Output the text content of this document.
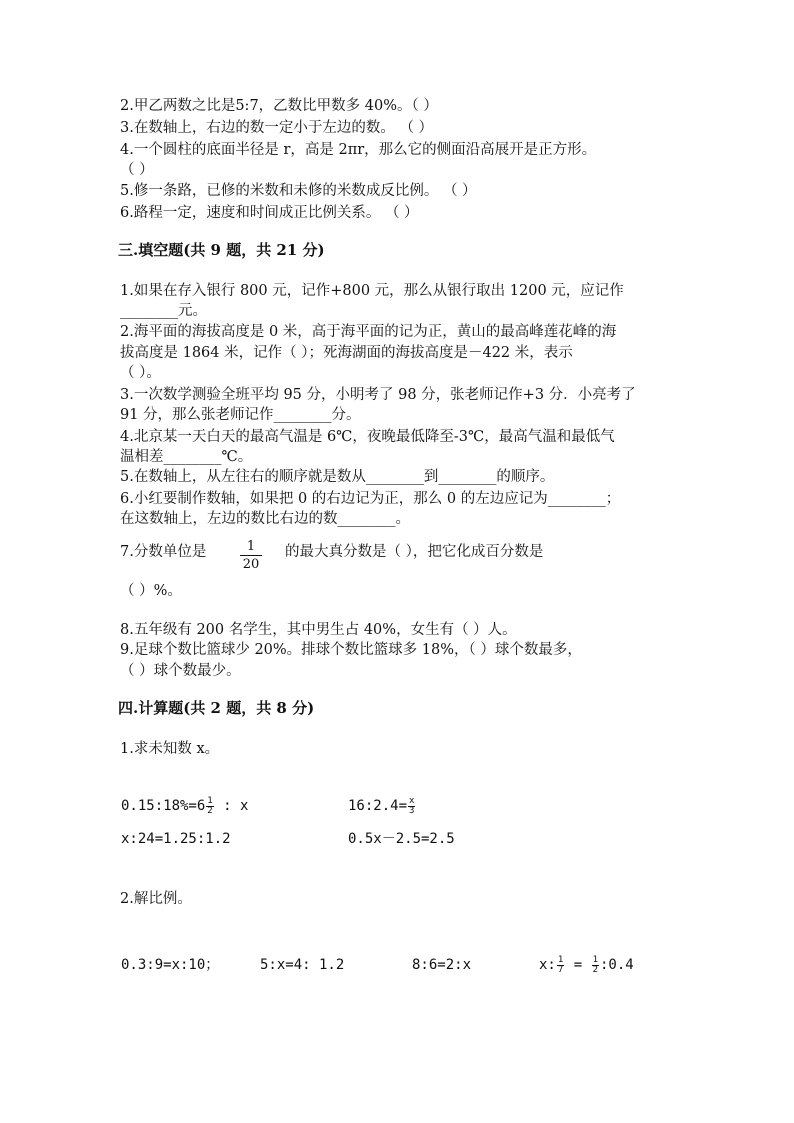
2.甲乙两数之比是5:7，乙数比甲数多 40%。（ ）
3.在数轴上，右边的数一定小于左边的数。 （ ）
4.一个圆柱的底面半径是 r，高是 2πr，那么它的侧面沿高展开是正方形。
（ ）
5.修一条路，已修的米数和未修的米数成反比例。 （ ）
6.路程一定，速度和时间成正比例关系。 （ ）
三.填空题(共 9 题，共 21 分)
1.如果在存入银行 800 元，记作+800 元，那么从银行取出 1200 元，应记作
________元。
2.海平面的海拔高度是 0 米，高于海平面的记为正，黄山的最高峰莲花峰的海
拔高度是 1864 米，记作（ ）；死海湖面的海拔高度是－422 米，表示
（ ）。
3.一次数学测验全班平均 95 分，小明考了 98 分，张老师记作+3 分．小亮考了
91 分，那么张老师记作________分。
4.北京某一天白天的最高气温是 6℃，夜晚最低降至-3℃，最高气温和最低气
温相差________℃。
5.在数轴上，从左往右的顺序就是数从________到________的顺序。
6.小红要制作数轴，如果把 0 的右边记为正，那么 0 的左边应记为________；
在这数轴上，左边的数比右边的数________。
7.分数单位是	$\frac{1}{20}$ 的最大真分数是（ ），把它化成百分数是
（ ）%。
8.五年级有 200 名学生，其中男生占 40%，女生有（ ）人。
9.足球个数比篮球少 20%。排球个数比篮球多 18%，（ ）球个数最多，
（ ）球个数最少。
四.计算题(共 2 题，共 8 分)
1.求未知数 x。
0.15:18%=6 $\frac{1}{2}$ : x	16:2.4= $\frac{x}{3}$
x:24=1.25:1.2	0.5x－2.5=2.5
2.解比例。
0.3:9=x:10；	5:x=4: 1.2	8:6=2:x	x: $\frac{1}{7} = \frac{1}{2}$ :0.4
